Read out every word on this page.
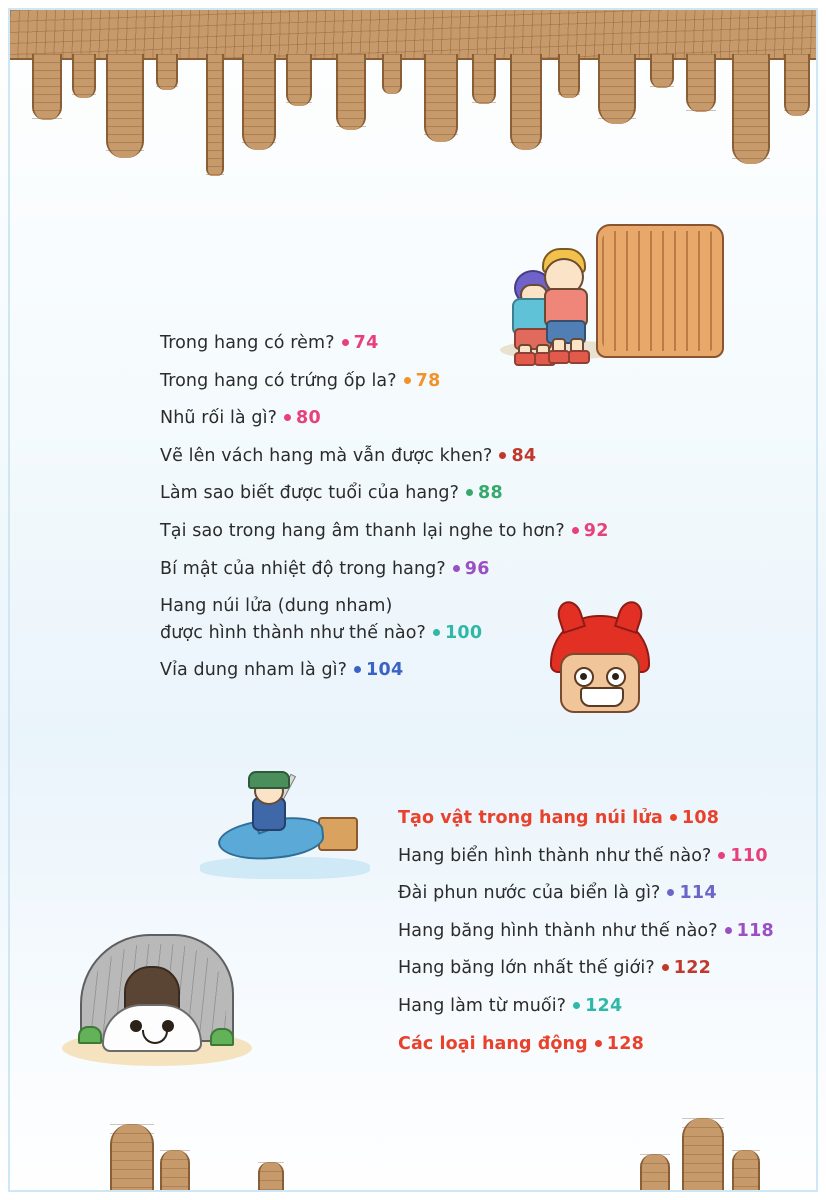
Trong hang có rèm? 74
Trong hang có trứng ốp la? 78
Nhũ rối là gì? 80
Vẽ lên vách hang mà vẫn được khen? 84
Làm sao biết được tuổi của hang? 88
Tại sao trong hang âm thanh lại nghe to hơn? 92
Bí mật của nhiệt độ trong hang? 96
Hang núi lửa (dung nham)
được hình thành như thế nào? 100
Vỉa dung nham là gì? 104
Tạo vật trong hang núi lửa 108
Hang biển hình thành như thế nào? 110
Đài phun nước của biển là gì? 114
Hang băng hình thành như thế nào? 118
Hang băng lớn nhất thế giới? 122
Hang làm từ muối? 124
Các loại hang động 128
